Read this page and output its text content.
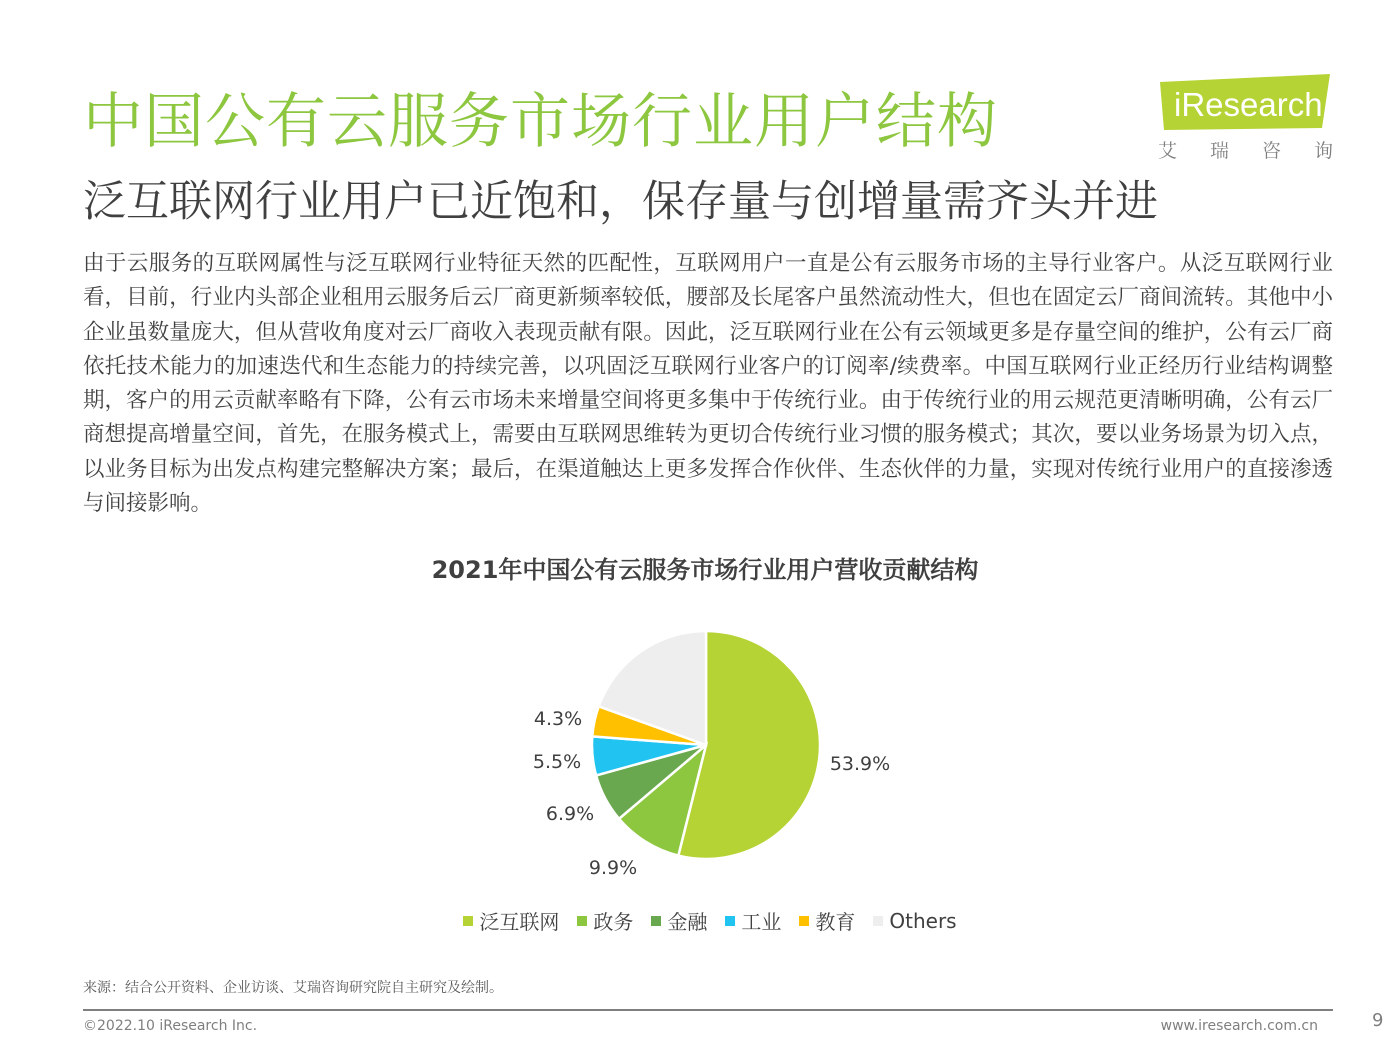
中国公有云服务市场行业用户结构
泛互联网行业用户已近饱和，保存量与创增量需齐头并进
iResearch
艾 瑞 咨 询

由于云服务的互联网属性与泛互联网行业特征天然的匹配性，互联网用户一直是公有云服务市场的主导行业客户。从泛互联网行业看，目前，行业内头部企业租用云服务后云厂商更新频率较低，腰部及长尾客户虽然流动性大，但也在固定云厂商间流转。其他中小企业虽数量庞大，但从营收角度对云厂商收入表现贡献有限。因此，泛互联网行业在公有云领域更多是存量空间的维护，公有云厂商依托技术能力的加速迭代和生态能力的持续完善，以巩固泛互联网行业客户的订阅率/续费率。中国互联网行业正经历行业结构调整期，客户的用云贡献率略有下降，公有云市场未来增量空间将更多集中于传统行业。由于传统行业的用云规范更清晰明确，公有云厂商想提高增量空间，首先，在服务模式上，需要由互联网思维转为更切合传统行业习惯的服务模式；其次，要以业务场景为切入点，以业务目标为出发点构建完整解决方案；最后，在渠道触达上更多发挥合作伙伴、生态伙伴的力量，实现对传统行业用户的直接渗透与间接影响。

2021年中国公有云服务市场行业用户营收贡献结构
53.9%
9.9%
6.9%
5.5%
4.3%
泛互联网 政务 金融 工业 教育 Others
来源：结合公开资料、企业访谈、艾瑞咨询研究院自主研究及绘制。
©2022.10 iResearch Inc.	www.iresearch.com.cn	9
